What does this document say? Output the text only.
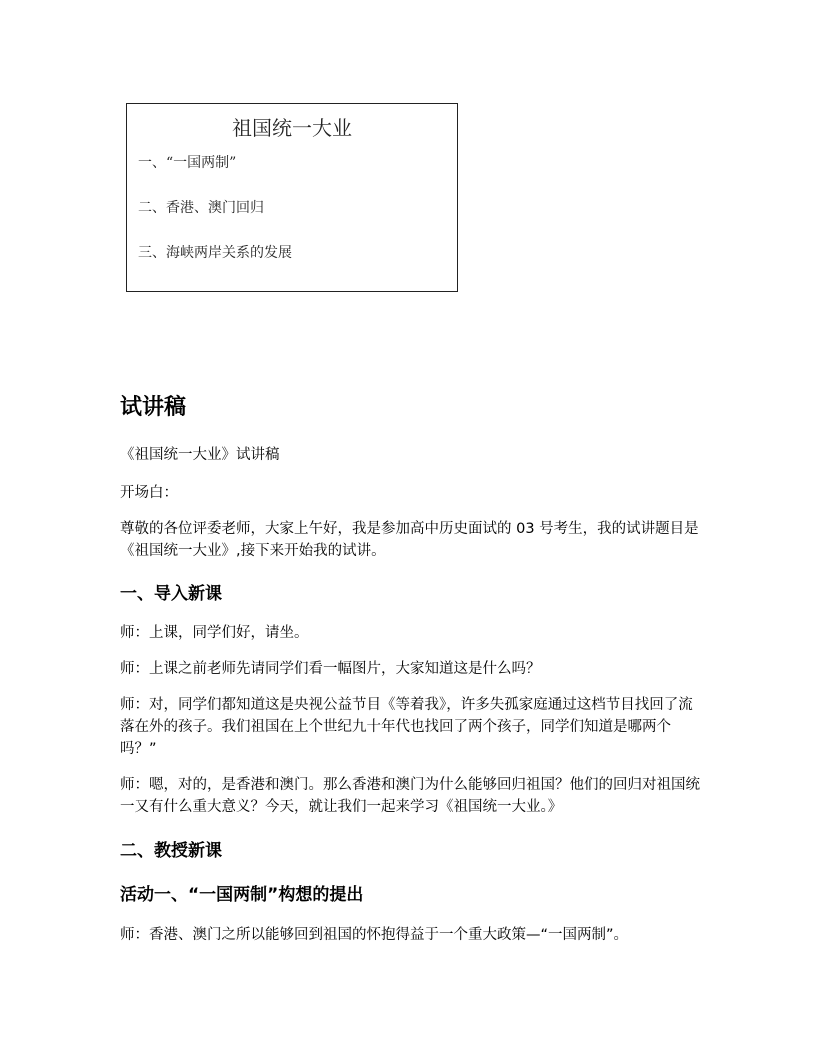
祖国统一大业
一、“一国两制”
二、香港、澳门回归
三、海峡两岸关系的发展
试讲稿
《祖国统一大业》试讲稿
开场白：
尊敬的各位评委老师，大家上午好，我是参加高中历史面试的 03 号考生，我的试讲题目是《祖国统一大业》,接下来开始我的试讲。
一、导入新课
师：上课，同学们好，请坐。
师：上课之前老师先请同学们看一幅图片，大家知道这是什么吗？
师：对，同学们都知道这是央视公益节目《等着我》，许多失孤家庭通过这档节目找回了流落在外的孩子。我们祖国在上个世纪九十年代也找回了两个孩子，同学们知道是哪两个吗？”
师：嗯，对的，是香港和澳门。那么香港和澳门为什么能够回归祖国？他们的回归对祖国统一又有什么重大意义？今天，就让我们一起来学习《祖国统一大业。》
二、教授新课
活动一、“一国两制”构想的提出
师：香港、澳门之所以能够回到祖国的怀抱得益于一个重大政策—“一国两制”。
